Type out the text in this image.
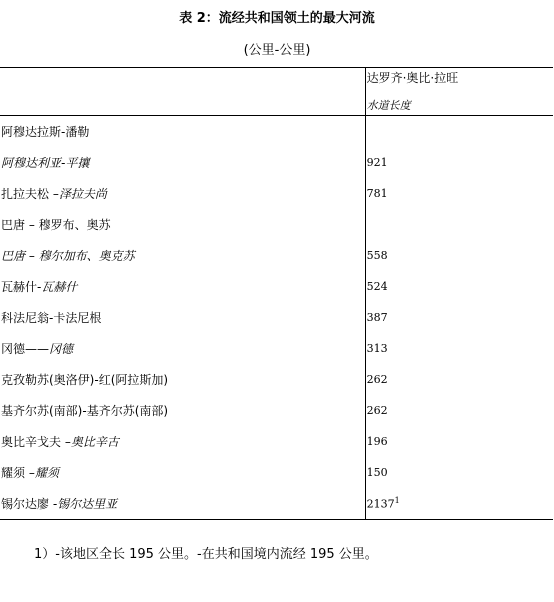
表 2：流经共和国领土的最大河流
(公里-公里)

	达罗齐·奥比·拉旺
水道长度

阿穆达拉斯-潘勒	
阿穆达利亚-平攘	921
扎拉夫松 –泽拉夫尚	781
巴唐 – 穆罗布、奥苏	
巴唐 – 穆尔加布、奥克苏	558
瓦赫什-瓦赫什	524
科法尼翁-卡法尼根	387
冈德——冈德	313
克孜勒苏(奥洛伊)-红(阿拉斯加)	262
基齐尔苏(南部)-基齐尔苏(南部)	262
奥比辛戈夫 –奥比辛古	196
耀须 –耀须	150
锡尔达廖 -锡尔达里亚	2137$^1$
1）-该地区全长 195 公里。-在共和国境内流经 195 公里。
